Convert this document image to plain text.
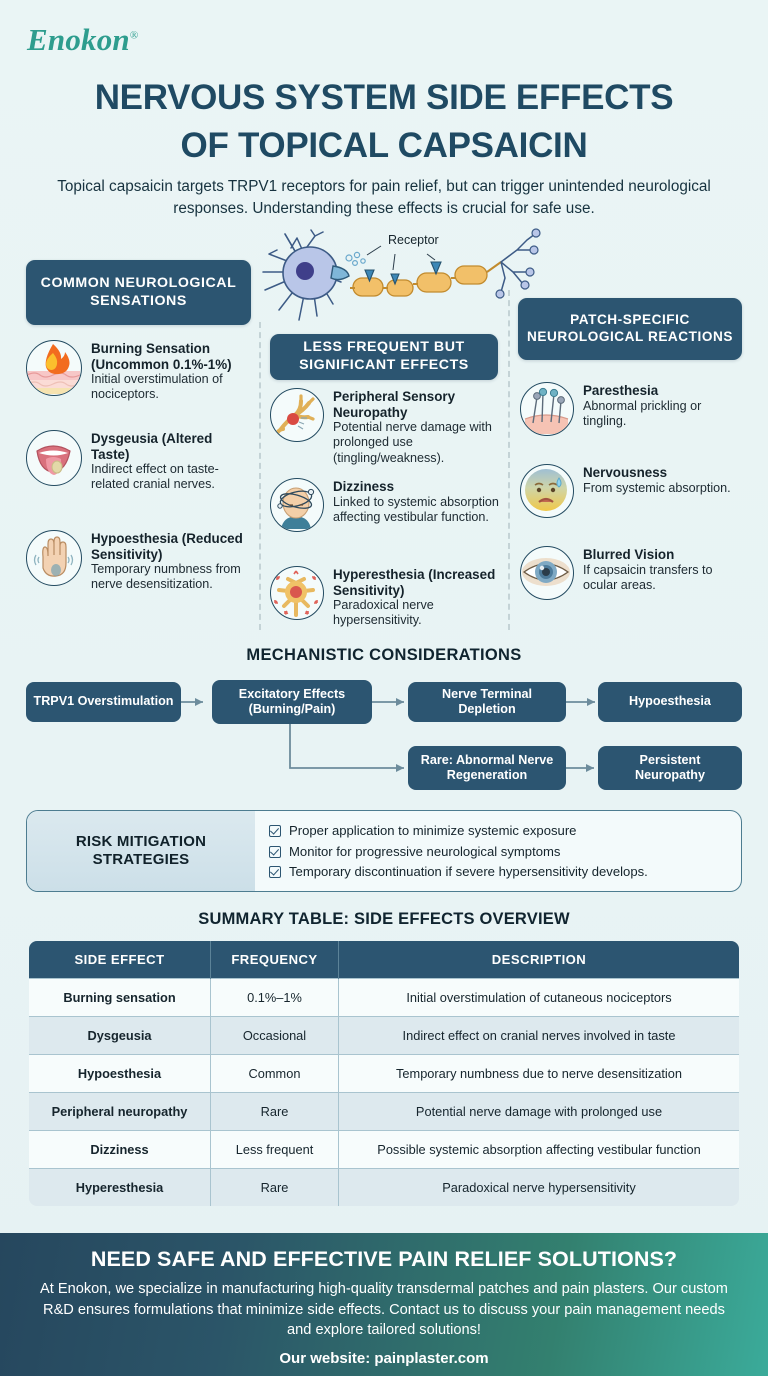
Enokon®
NERVOUS SYSTEM SIDE EFFECTS
OF TOPICAL CAPSAICIN
Topical capsaicin targets TRPV1 receptors for pain relief, but can trigger unintended neurological responses. Understanding these effects is crucial for safe use.
Receptor
COMMON NEUROLOGICAL SENSATIONS
LESS FREQUENT BUT SIGNIFICANT EFFECTS
PATCH-SPECIFIC NEUROLOGICAL REACTIONS
Burning Sensation (Uncommon 0.1%-1%)
Initial overstimulation of nociceptors.
Dysgeusia (Altered Taste)
Indirect effect on taste-related cranial nerves.
Hypoesthesia (Reduced Sensitivity)
Temporary numbness from nerve desensitization.
Peripheral Sensory Neuropathy
Potential nerve damage with prolonged use (tingling/weakness).
Dizziness
Linked to systemic absorption affecting vestibular function.
Hyperesthesia (Increased Sensitivity)
Paradoxical nerve hypersensitivity.
Paresthesia
Abnormal prickling or tingling.
Nervousness
From systemic absorption.
Blurred Vision
If capsaicin transfers to ocular areas.
MECHANISTIC CONSIDERATIONS
TRPV1 Overstimulation
Excitatory Effects (Burning/Pain)
Nerve Terminal Depletion
Hypoesthesia
Rare: Abnormal Nerve Regeneration
Persistent Neuropathy
RISK MITIGATION STRATEGIES
Proper application to minimize systemic exposure
Monitor for progressive neurological symptoms
Temporary discontinuation if severe hypersensitivity develops.
SUMMARY TABLE: SIDE EFFECTS OVERVIEW
SIDE EFFECT	FREQUENCY	DESCRIPTION
Burning sensation	0.1%–1%	Initial overstimulation of cutaneous nociceptors
Dysgeusia	Occasional	Indirect effect on cranial nerves involved in taste
Hypoesthesia	Common	Temporary numbness due to nerve desensitization
Peripheral neuropathy	Rare	Potential nerve damage with prolonged use
Dizziness	Less frequent	Possible systemic absorption affecting vestibular function
Hyperesthesia	Rare	Paradoxical nerve hypersensitivity
NEED SAFE AND EFFECTIVE PAIN RELIEF SOLUTIONS?
At Enokon, we specialize in manufacturing high-quality transdermal patches and pain plasters. Our custom R&D ensures formulations that minimize side effects. Contact us to discuss your pain management needs and explore tailored solutions!
Our website: painplaster.com
